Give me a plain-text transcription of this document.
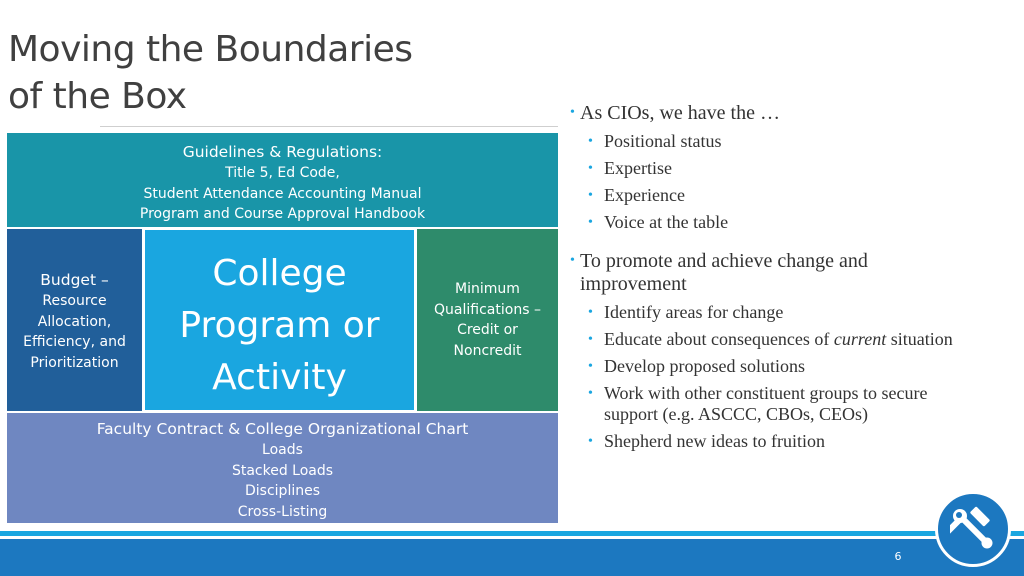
Moving the Boundaries
of the Box
Guidelines & Regulations:
Title 5, Ed Code,
Student Attendance Accounting Manual
Program and Course Approval Handbook
Budget –
Resource
Allocation,
Efficiency, and
Prioritization
College
Program or
Activity
Minimum
Qualifications –
Credit or
Noncredit
Faculty Contract & College Organizational Chart
Loads
Stacked Loads
Disciplines
Cross-Listing
• As CIOs, we have the …
• Positional status
• Expertise
• Experience
• Voice at the table
• To promote and achieve change and
improvement
• Identify areas for change
• Educate about consequences of current situation
• Develop proposed solutions
• Work with other constituent groups to secure
support (e.g. ASCCC, CBOs, CEOs)
• Shepherd new ideas to fruition
6
